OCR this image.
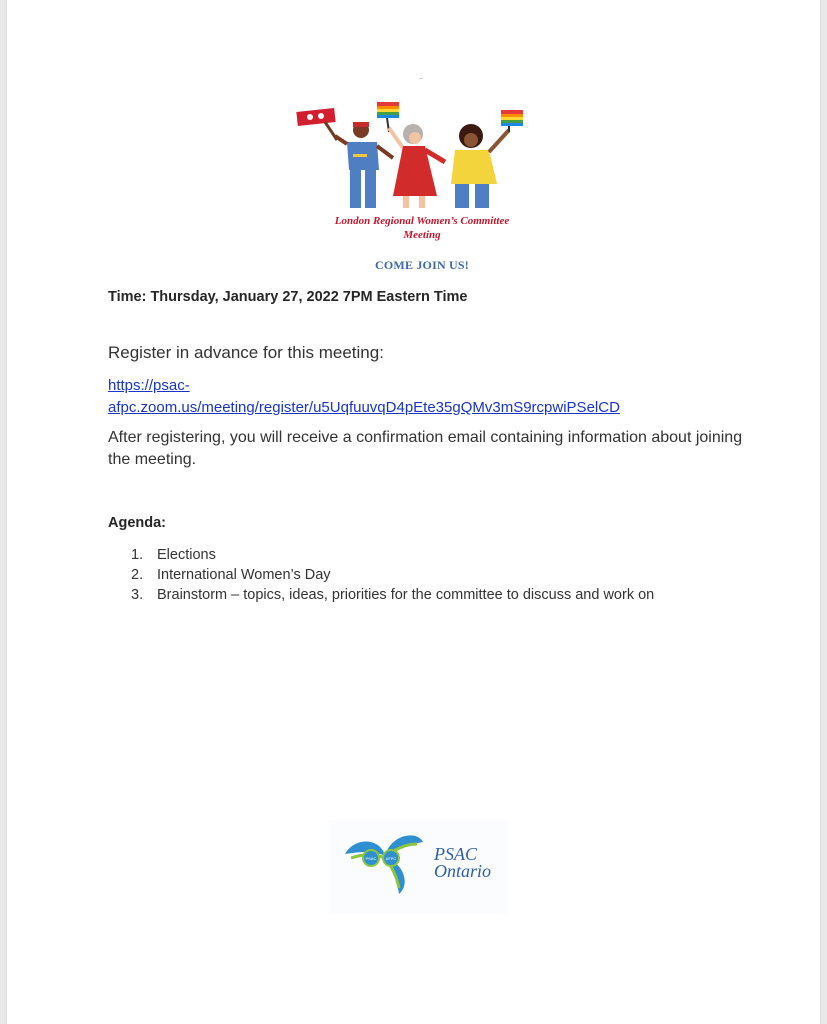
London Regional Women’s Committee
Meeting
COME JOIN US!
Time: Thursday, January 27, 2022 7PM Eastern Time
Register in advance for this meeting:
https://psac-
afpc.zoom.us/meeting/register/u5UqfuuvqD4pEte35gQMv3mS9rcpwiPSelCD
After registering, you will receive a confirmation email containing information about joining the meeting.
Agenda:
1. Elections
2. International Women’s Day
3. Brainstorm – topics, ideas, priorities for the committee to discuss and work on
PSAC AFPC PSAC
Ontario
